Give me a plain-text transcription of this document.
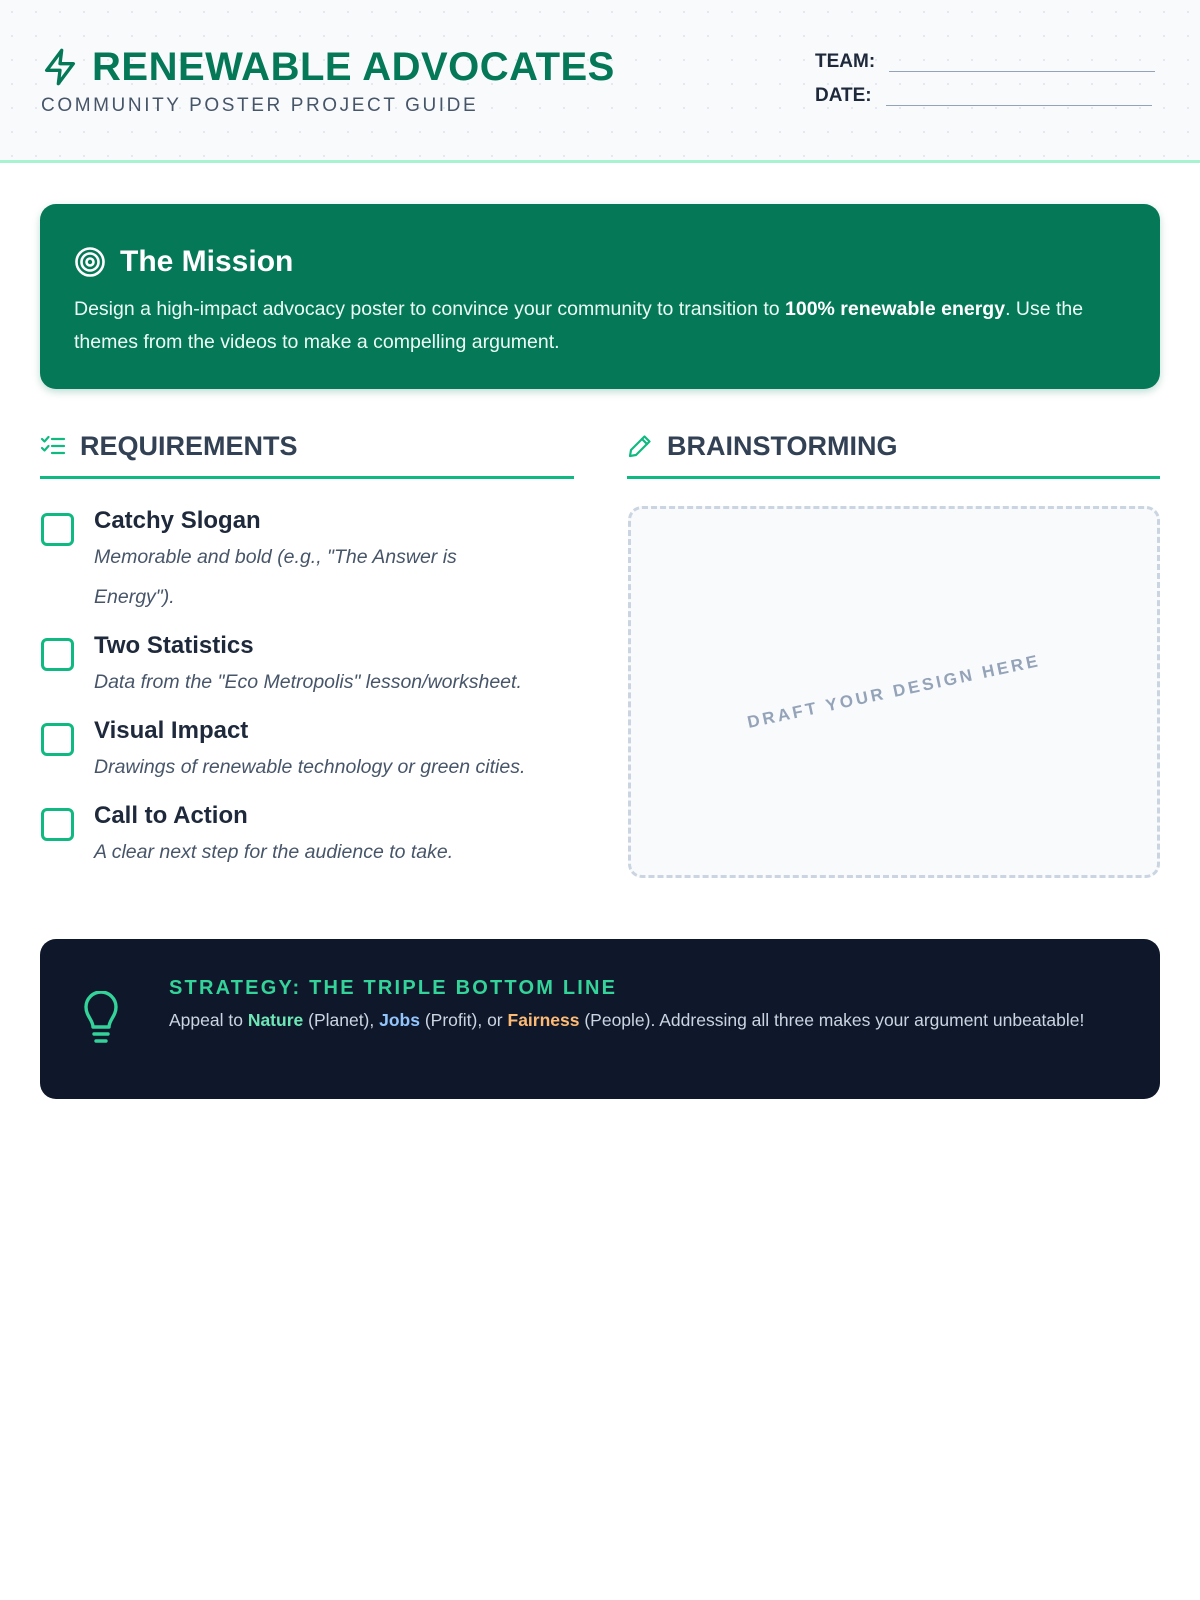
RENEWABLE ADVOCATES
COMMUNITY POSTER PROJECT GUIDE
TEAM:
DATE:
The Mission
Design a high-impact advocacy poster to convince your community to transition to 100% renewable energy. Use the themes from the videos to make a compelling argument.
REQUIREMENTS
Catchy Slogan
Memorable and bold (e.g., "The Answer is Energy").
Two Statistics
Data from the "Eco Metropolis" lesson/worksheet.
Visual Impact
Drawings of renewable technology or green cities.
Call to Action
A clear next step for the audience to take.
BRAINSTORMING
DRAFT YOUR DESIGN HERE
STRATEGY: THE TRIPLE BOTTOM LINE
Appeal to Nature (Planet), Jobs (Profit), or Fairness (People). Addressing all three makes your argument unbeatable!
